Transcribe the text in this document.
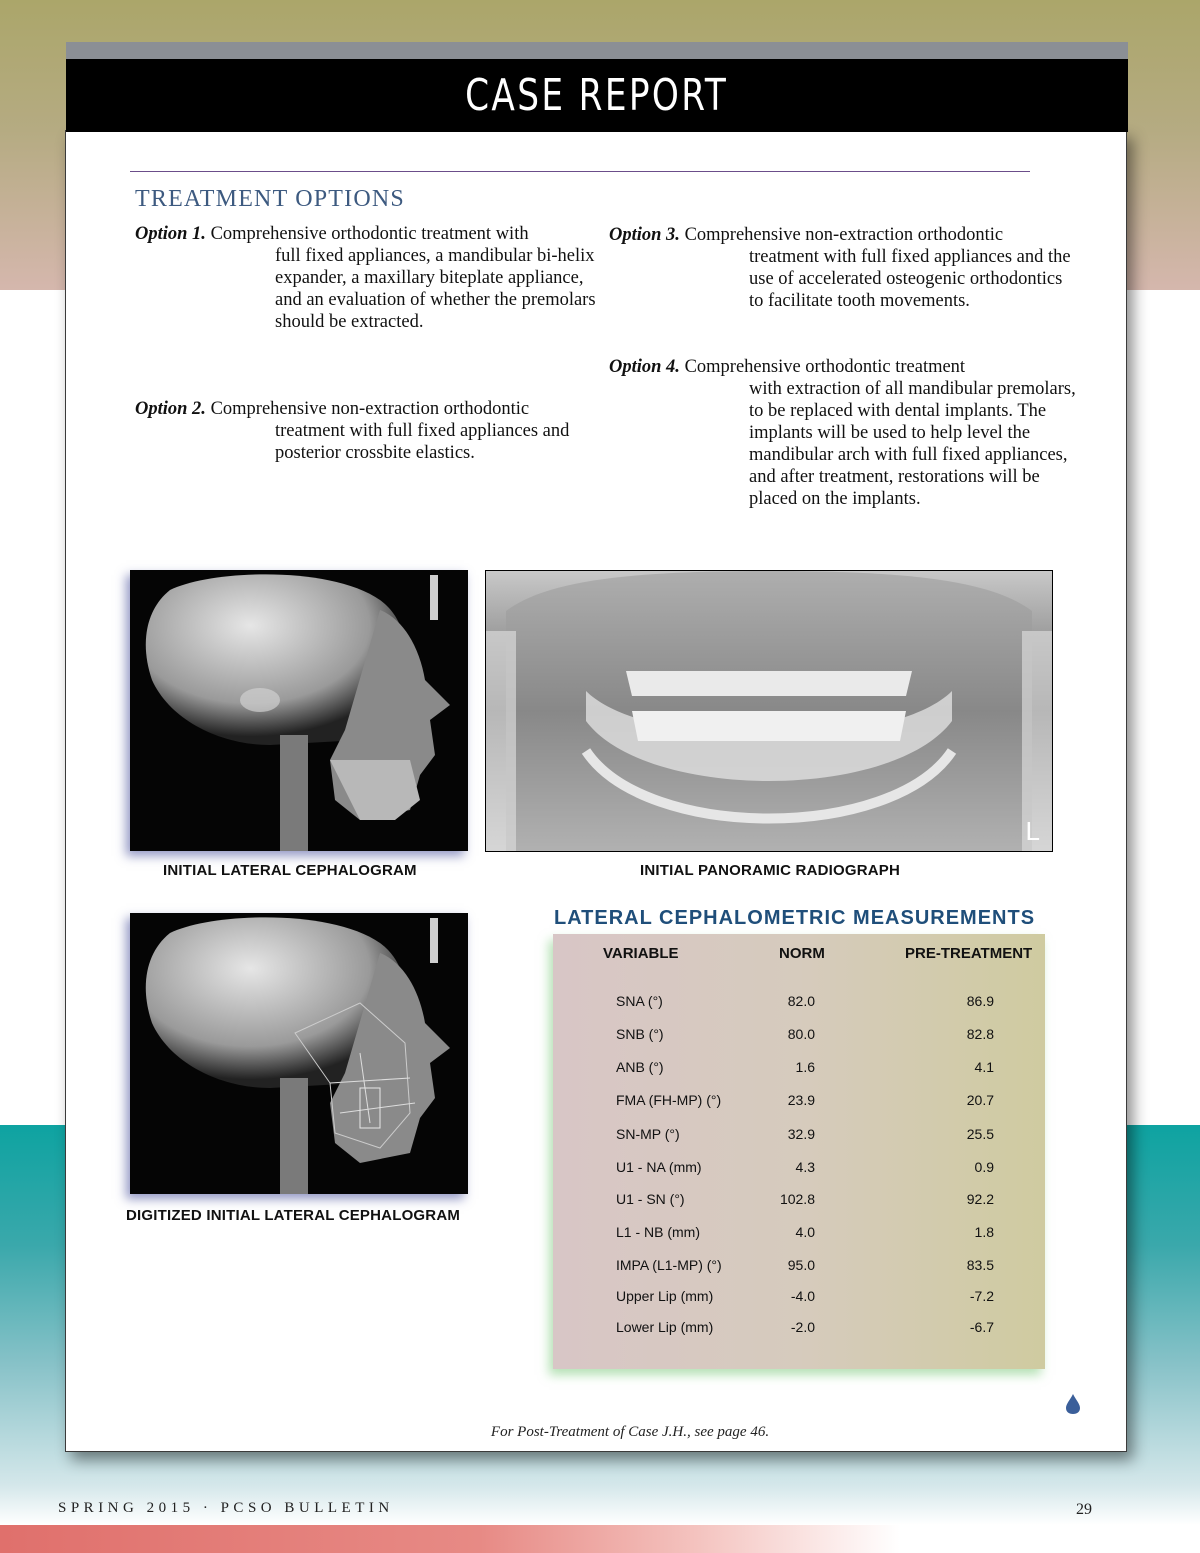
CASE REPORT
TREATMENT OPTIONS
Option 1. Comprehensive orthodontic treatment with
full fixed appliances, a mandibular bi-helix expander, a maxillary biteplate appliance, and an evaluation of whether the premolars should be extracted.
Option 2. Comprehensive non-extraction orthodontic
treatment with full fixed appliances and posterior crossbite elastics.
Option 3. Comprehensive non-extraction orthodontic
treatment with full fixed appliances and the use of accelerated osteogenic orthodontics to facilitate tooth movements.
Option 4. Comprehensive orthodontic treatment
with extraction of all mandibular premolars, to be replaced with dental implants. The implants will be used to help level the mandibular arch with full fixed appliances, and after treatment, restorations will be placed on the implants.
INITIAL LATERAL CEPHALOGRAM
L
INITIAL PANORAMIC RADIOGRAPH
DIGITIZED INITIAL LATERAL CEPHALOGRAM
LATERAL CEPHALOMETRIC MEASUREMENTS
VARIABLE	NORM	PRE-TREATMENT
SNA (°)	82.0	86.9
SNB (°)	80.0	82.8
ANB (°)	1.6	4.1
FMA (FH-MP) (°)	23.9	20.7
SN-MP (°)	32.9	25.5
U1 - NA (mm)	4.3	0.9
U1 - SN (°)	102.8	92.2
L1 - NB (mm)	4.0	1.8
IMPA (L1-MP) (°)	95.0	83.5
Upper Lip (mm)	-4.0	-7.2
Lower Lip (mm)	-2.0	-6.7
For Post-Treatment of Case J.H., see page 46.
SPRING 2015 · PCSO BULLETIN	29
